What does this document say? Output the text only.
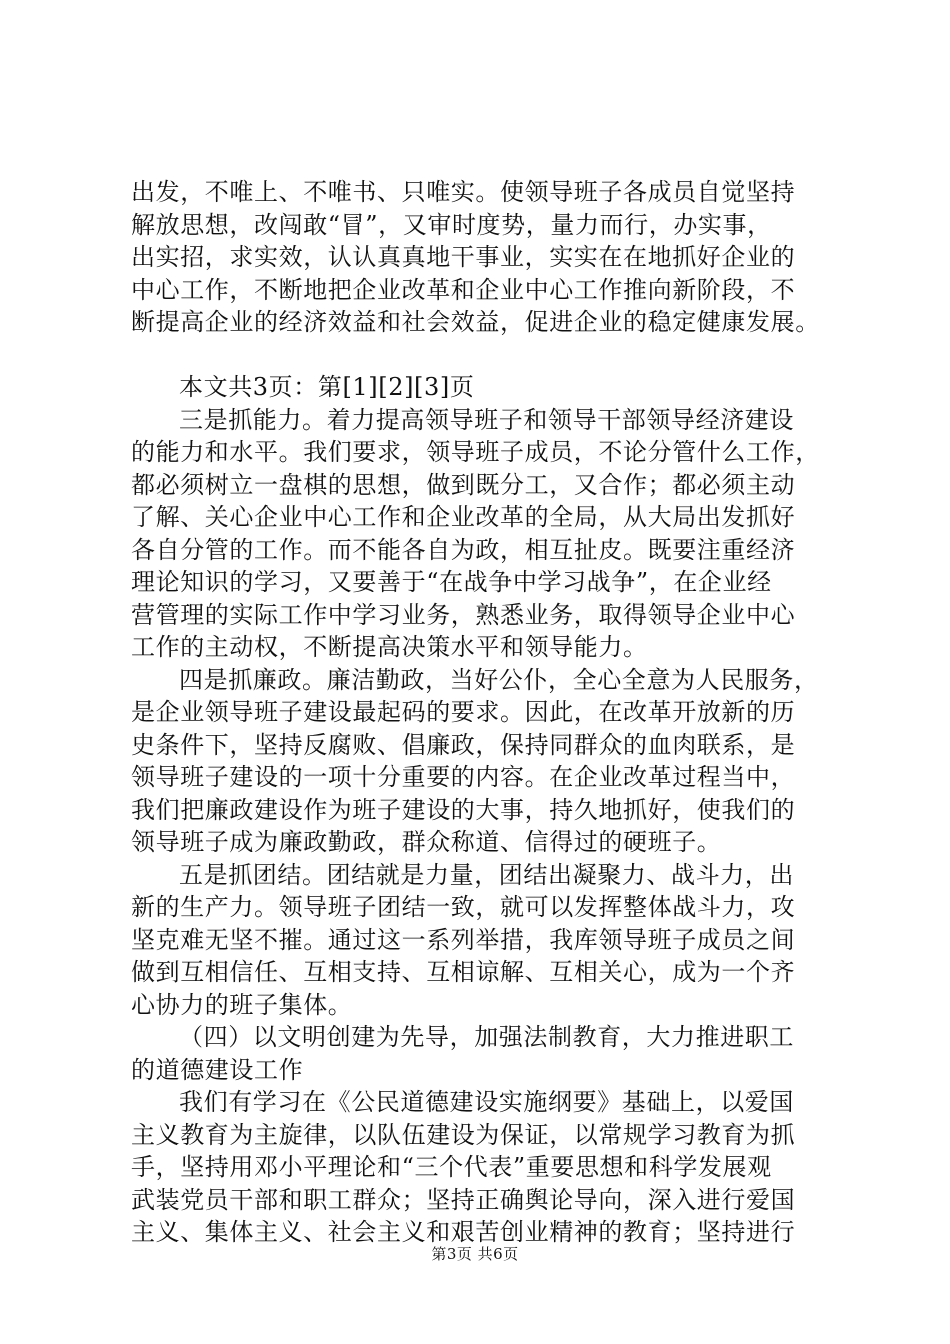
出发，不唯上、不唯书、只唯实。使领导班子各成员自觉坚持
解放思想，改闯敢“冒”，又审时度势，量力而行，办实事，
出实招，求实效，认认真真地干事业，实实在在地抓好企业的
中心工作，不断地把企业改革和企业中心工作推向新阶段，不
断提高企业的经济效益和社会效益，促进企业的稳定健康发展。
本文共3页：第[1][2][3]页
三是抓能力。着力提高领导班子和领导干部领导经济建设
的能力和水平。我们要求，领导班子成员，不论分管什么工作，
都必须树立一盘棋的思想，做到既分工，又合作；都必须主动
了解、关心企业中心工作和企业改革的全局，从大局出发抓好
各自分管的工作。而不能各自为政，相互扯皮。既要注重经济
理论知识的学习，又要善于“在战争中学习战争”，在企业经
营管理的实际工作中学习业务，熟悉业务，取得领导企业中心
工作的主动权，不断提高决策水平和领导能力。
四是抓廉政。廉洁勤政，当好公仆，全心全意为人民服务，
是企业领导班子建设最起码的要求。因此，在改革开放新的历
史条件下，坚持反腐败、倡廉政，保持同群众的血肉联系，是
领导班子建设的一项十分重要的内容。在企业改革过程当中，
我们把廉政建设作为班子建设的大事，持久地抓好，使我们的
领导班子成为廉政勤政，群众称道、信得过的硬班子。
五是抓团结。团结就是力量，团结出凝聚力、战斗力，出
新的生产力。领导班子团结一致，就可以发挥整体战斗力，攻
坚克难无坚不摧。通过这一系列举措，我库领导班子成员之间
做到互相信任、互相支持、互相谅解、互相关心，成为一个齐
心协力的班子集体。
（四）以文明创建为先导，加强法制教育，大力推进职工
的道德建设工作
我们有学习在《公民道德建设实施纲要》基础上，以爱国
主义教育为主旋律，以队伍建设为保证，以常规学习教育为抓
手，坚持用邓小平理论和“三个代表”重要思想和科学发展观
武装党员干部和职工群众；坚持正确舆论导向，深入进行爱国
主义、集体主义、社会主义和艰苦创业精神的教育；坚持进行
第3页 共6页
